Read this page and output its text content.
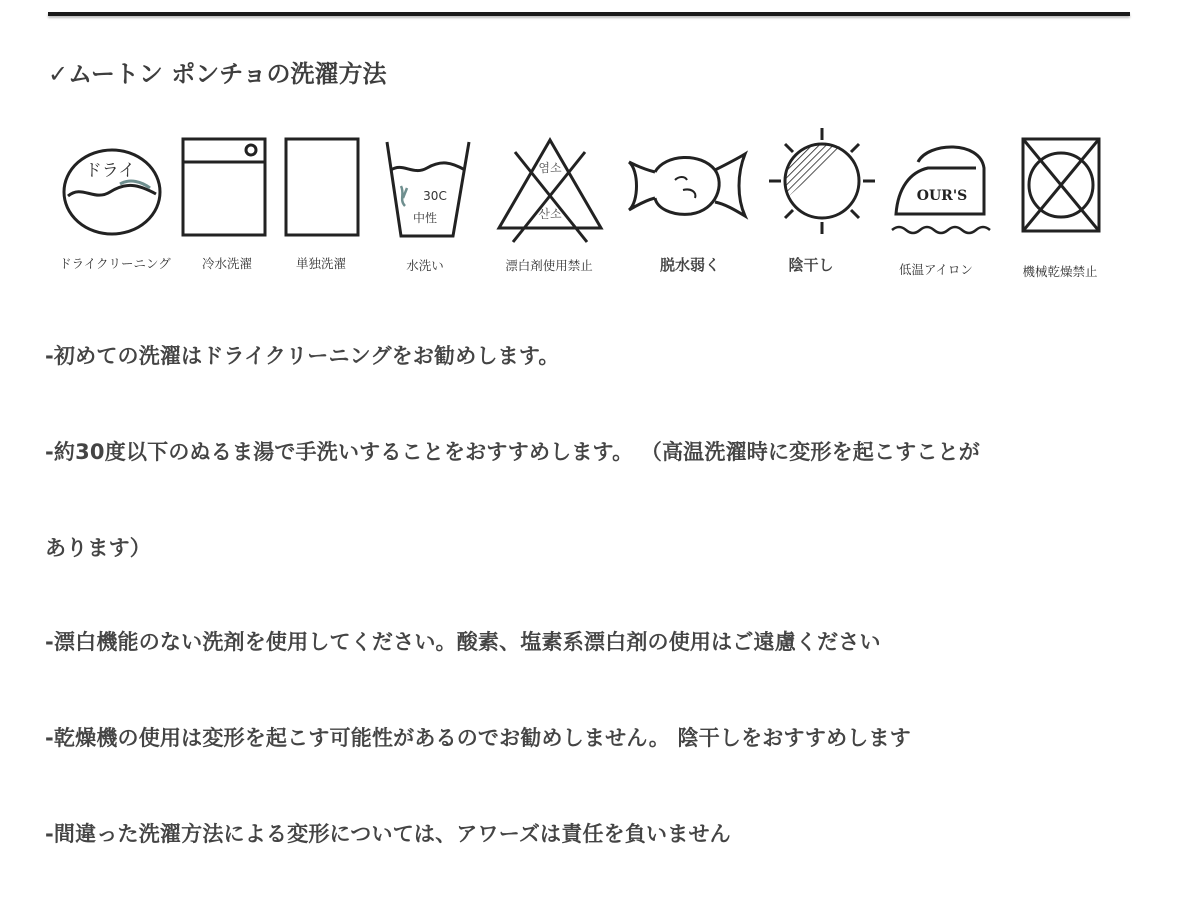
✓ムートン ポンチョの洗濯方法
ドライ
ドライクリーニング 冷水洗濯	単独洗濯
30C
中性
水洗い
염소
산소
漂白剤使用禁止	脱水弱く	陰干し
OUR'S
低温アイロン	機械乾燥禁止
-初めての洗濯はドライクリーニングをお勧めします。
-約30度以下のぬるま湯で手洗いすることをおすすめします。 （高温洗濯時に変形を起こすことが
あります）
-漂白機能のない洗剤を使用してください。酸素、塩素系漂白剤の使用はご遠慮ください
-乾燥機の使用は変形を起こす可能性があるのでお勧めしません。 陰干しをおすすめします
-間違った洗濯方法による変形については、アワーズは責任を負いません
